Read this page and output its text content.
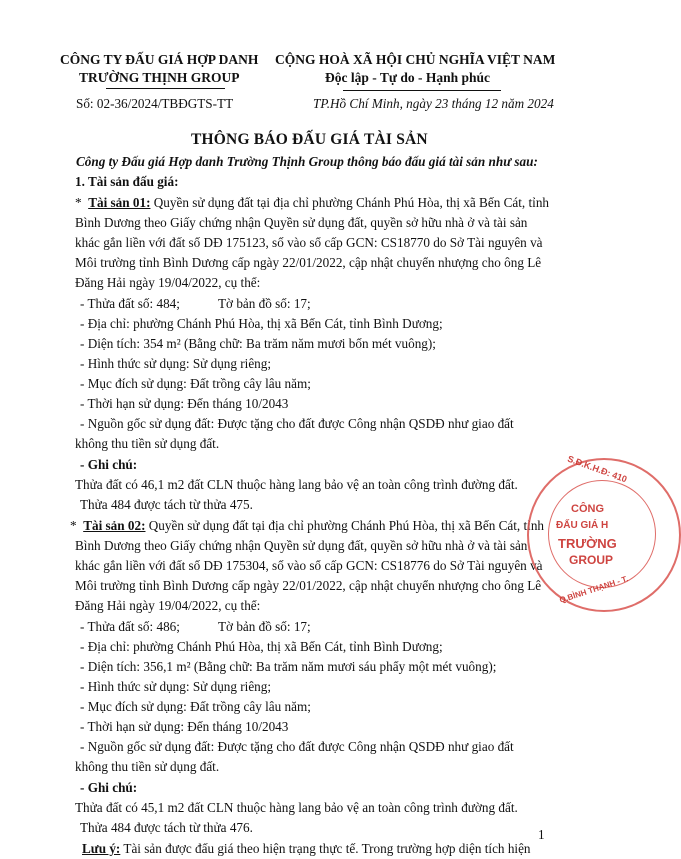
CÔNG TY ĐẤU GIÁ HỢP DANH
TRƯỜNG THỊNH GROUP
Số: 02-36/2024/TBĐGTS-TT
CỘNG HOÀ XÃ HỘI CHỦ NGHĨA VIỆT NAM
Độc lập - Tự do - Hạnh phúc
TP.Hồ Chí Minh, ngày 23 tháng 12 năm 2024
THÔNG BÁO ĐẤU GIÁ TÀI SẢN
Công ty Đấu giá Hợp danh Trường Thịnh Group thông báo đấu giá tài sản như sau:
1. Tài sản đấu giá:
* Tài sản 01: Quyền sử dụng đất tại địa chỉ phường Chánh Phú Hòa, thị xã Bến Cát, tỉnh
Bình Dương theo Giấy chứng nhận Quyền sử dụng đất, quyền sở hữu nhà ở và tài sản
khác gắn liền với đất số DĐ 175123, số vào sổ cấp GCN: CS18770 do Sở Tài nguyên và
Môi trường tỉnh Bình Dương cấp ngày 22/01/2022, cập nhật chuyển nhượng cho ông Lê
Đăng Hải ngày 19/04/2022, cụ thể:
- Thửa đất số: 484;	Tờ bản đồ số: 17;
- Địa chỉ: phường Chánh Phú Hòa, thị xã Bến Cát, tỉnh Bình Dương;
- Diện tích: 354 m² (Bằng chữ: Ba trăm năm mươi bốn mét vuông);
- Hình thức sử dụng: Sử dụng riêng;
- Mục đích sử dụng: Đất trồng cây lâu năm;
- Thời hạn sử dụng: Đến tháng 10/2043
- Nguồn gốc sử dụng đất: Được tặng cho đất được Công nhận QSDĐ như giao đất
không thu tiền sử dụng đất.
- Ghi chú:
Thửa đất có 46,1 m2 đất CLN thuộc hàng lang bảo vệ an toàn công trình đường đất.
Thửa 484 được tách từ thửa 475.
* Tài sản 02: Quyền sử dụng đất tại địa chỉ phường Chánh Phú Hòa, thị xã Bến Cát, tỉnh
Bình Dương theo Giấy chứng nhận Quyền sử dụng đất, quyền sở hữu nhà ở và tài sản
khác gắn liền với đất số DĐ 175304, số vào sổ cấp GCN: CS18776 do Sở Tài nguyên và
Môi trường tỉnh Bình Dương cấp ngày 22/01/2022, cập nhật chuyển nhượng cho ông Lê
Đăng Hải ngày 19/04/2022, cụ thể:
- Thửa đất số: 486;	Tờ bản đồ số: 17;
- Địa chỉ: phường Chánh Phú Hòa, thị xã Bến Cát, tỉnh Bình Dương;
- Diện tích: 356,1 m² (Bằng chữ: Ba trăm năm mươi sáu phẩy một mét vuông);
- Hình thức sử dụng: Sử dụng riêng;
- Mục đích sử dụng: Đất trồng cây lâu năm;
- Thời hạn sử dụng: Đến tháng 10/2043
- Nguồn gốc sử dụng đất: Được tặng cho đất được Công nhận QSDĐ như giao đất
không thu tiền sử dụng đất.
- Ghi chú:
Thửa đất có 45,1 m2 đất CLN thuộc hàng lang bảo vệ an toàn công trình đường đất.
Thửa 484 được tách từ thửa 476.
Lưu ý: Tài sản được đấu giá theo hiện trạng thực tế. Trong trường hợp diện tích hiện
S.Đ.K.H.Đ: 410
CÔNG
ĐẤU GIÁ H
TRƯỜNG
GROUP
Q.BÌNH THẠNH - T.
1
